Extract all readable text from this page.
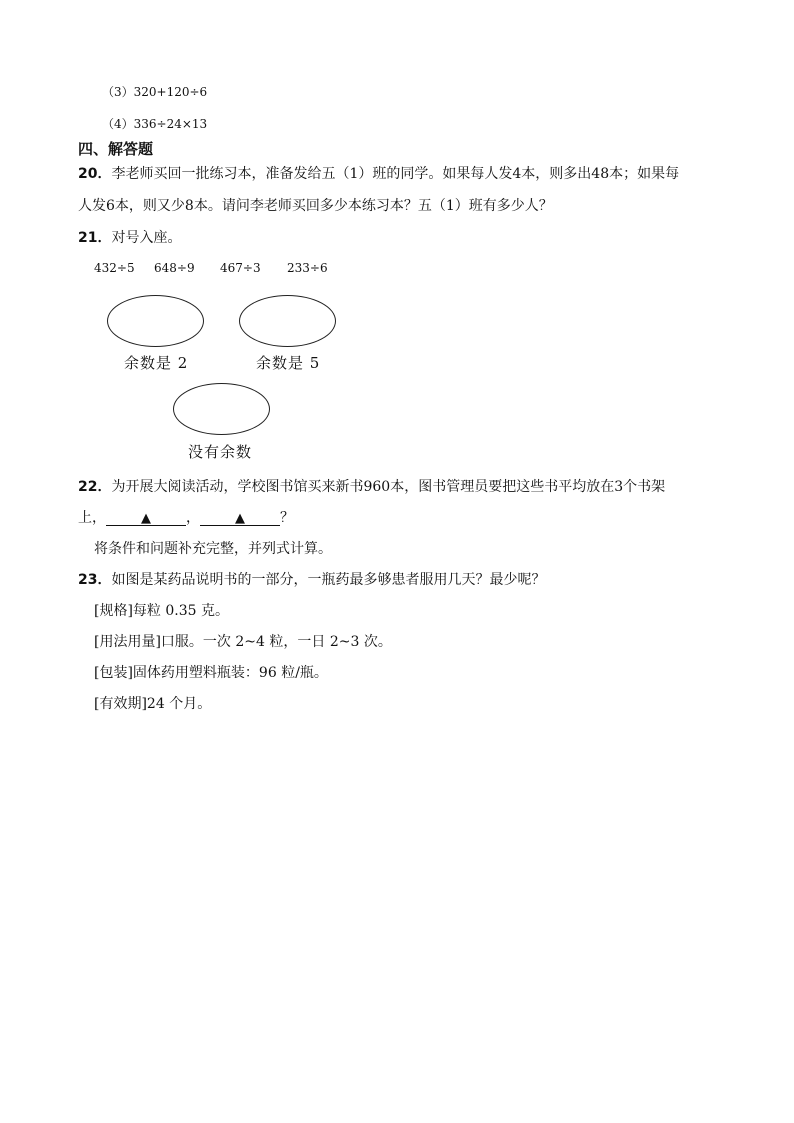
（3）320+120÷6
（4）336÷24×13
四、解答题
20．李老师买回一批练习本，准备发给五（1）班的同学。如果每人发4本，则多出48本；如果每
人发6本，则又少8本。请问李老师买回多少本练习本？五（1）班有多少人？
21．对号入座。
432÷5 648÷9 467÷3 233÷6
余数是 2	余数是 5
没有余数
22．为开展大阅读活动，学校图书馆买来新书960本，图书管理员要把这些书平均放在3个书架
上，	▲	，	▲	？
将条件和问题补充完整，并列式计算。
23．如图是某药品说明书的一部分，一瓶药最多够患者服用几天？最少呢？
[规格]每粒 0.35 克。
[用法用量]口服。一次 2~4 粒，一日 2~3 次。
[包装]固体药用塑料瓶装：96 粒/瓶。
[有效期]24 个月。
